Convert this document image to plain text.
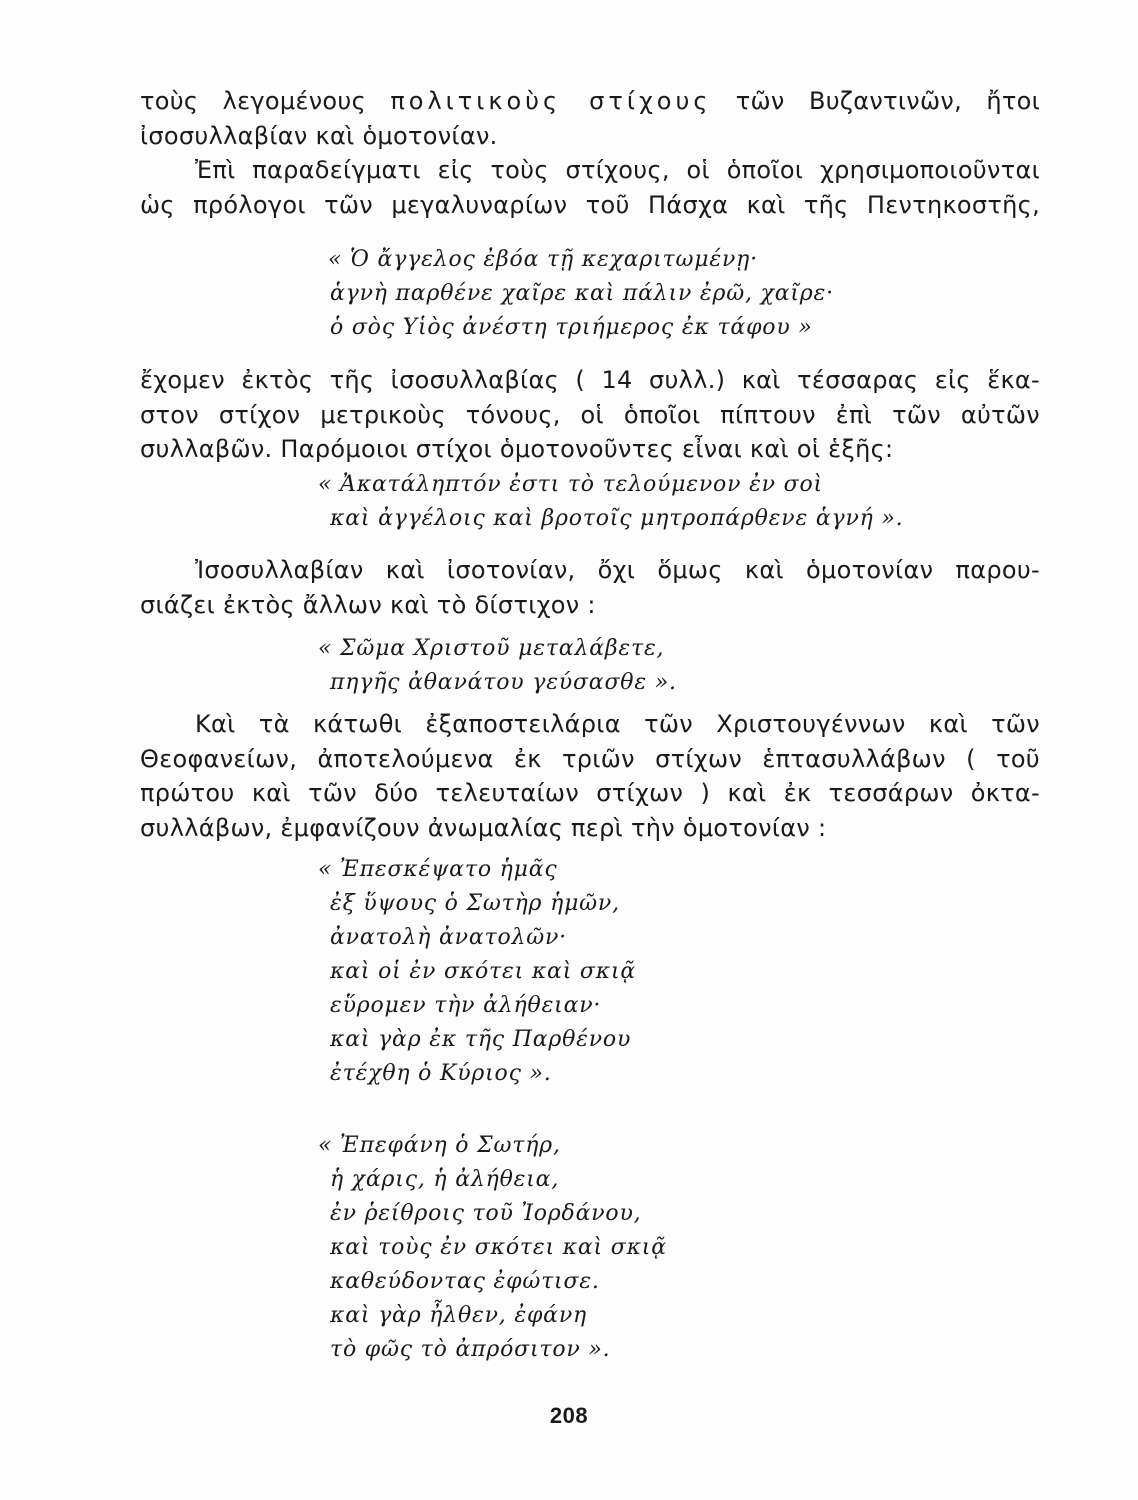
τοὺς λεγομένους πολιτικοὺς στίχους τῶν Βυζαντινῶν, ἤτοι
ἰσοσυλλαβίαν καὶ ὁμοτονίαν.
Ἐπὶ παραδείγματι εἰς τοὺς στίχους, οἱ ὁποῖοι χρησιμοποιοῦνται
ὡς πρόλογοι τῶν μεγαλυναρίων τοῦ Πάσχα καὶ τῆς Πεντηκοστῆς,
« Ὁ ἄγγελος ἐβόα τῇ κεχαριτωμένῃ·
ἁγνὴ παρθένε χαῖρε καὶ πάλιν ἐρῶ, χαῖρε·
ὁ σὸς Υἱὸς ἀνέστη τριήμερος ἐκ τάφου »
ἔχομεν ἐκτὸς τῆς ἰσοσυλλαβίας ( 14 συλλ.) καὶ τέσσαρας εἰς ἕκα-
στον στίχον μετρικοὺς τόνους, οἱ ὁποῖοι πίπτουν ἐπὶ τῶν αὐτῶν
συλλαβῶν. Παρόμοιοι στίχοι ὁμοτονοῦντες εἶναι καὶ οἱ ἑξῆς:
« Ἀκατάληπτόν ἐστι τὸ τελούμενον ἐν σοὶ
καὶ ἀγγέλοις καὶ βροτοῖς μητροπάρθενε ἁγνή ».
Ἰσοσυλλαβίαν καὶ ἰσοτονίαν, ὄχι ὅμως καὶ ὁμοτονίαν παρου-
σιάζει ἐκτὸς ἄλλων καὶ τὸ δίστιχον :
« Σῶμα Χριστοῦ μεταλάβετε,
πηγῆς ἀθανάτου γεύσασθε ».
Καὶ τὰ κάτωθι ἐξαποστειλάρια τῶν Χριστουγέννων καὶ τῶν
Θεοφανείων, ἀποτελούμενα ἐκ τριῶν στίχων ἑπτασυλλάβων ( τοῦ
πρώτου καὶ τῶν δύο τελευταίων στίχων ) καὶ ἐκ τεσσάρων ὀκτα-
συλλάβων, ἐμφανίζουν ἀνωμαλίας περὶ τὴν ὁμοτονίαν :
« Ἐπεσκέψατο ἡμᾶς
ἐξ ὕψους ὁ Σωτὴρ ἡμῶν,
ἀνατολὴ ἀνατολῶν·
καὶ οἱ ἐν σκότει καὶ σκιᾷ
εὕρομεν τὴν ἀλήθειαν·
καὶ γὰρ ἐκ τῆς Παρθένου
ἐτέχθη ὁ Κύριος ».
« Ἐπεφάνη ὁ Σωτήρ,
ἡ χάρις, ἡ ἀλήθεια,
ἐν ῥείθροις τοῦ Ἰορδάνου,
καὶ τοὺς ἐν σκότει καὶ σκιᾷ
καθεύδοντας ἐφώτισε.
καὶ γὰρ ἦλθεν, ἐφάνη
τὸ φῶς τὸ ἀπρόσιτον ».
208
